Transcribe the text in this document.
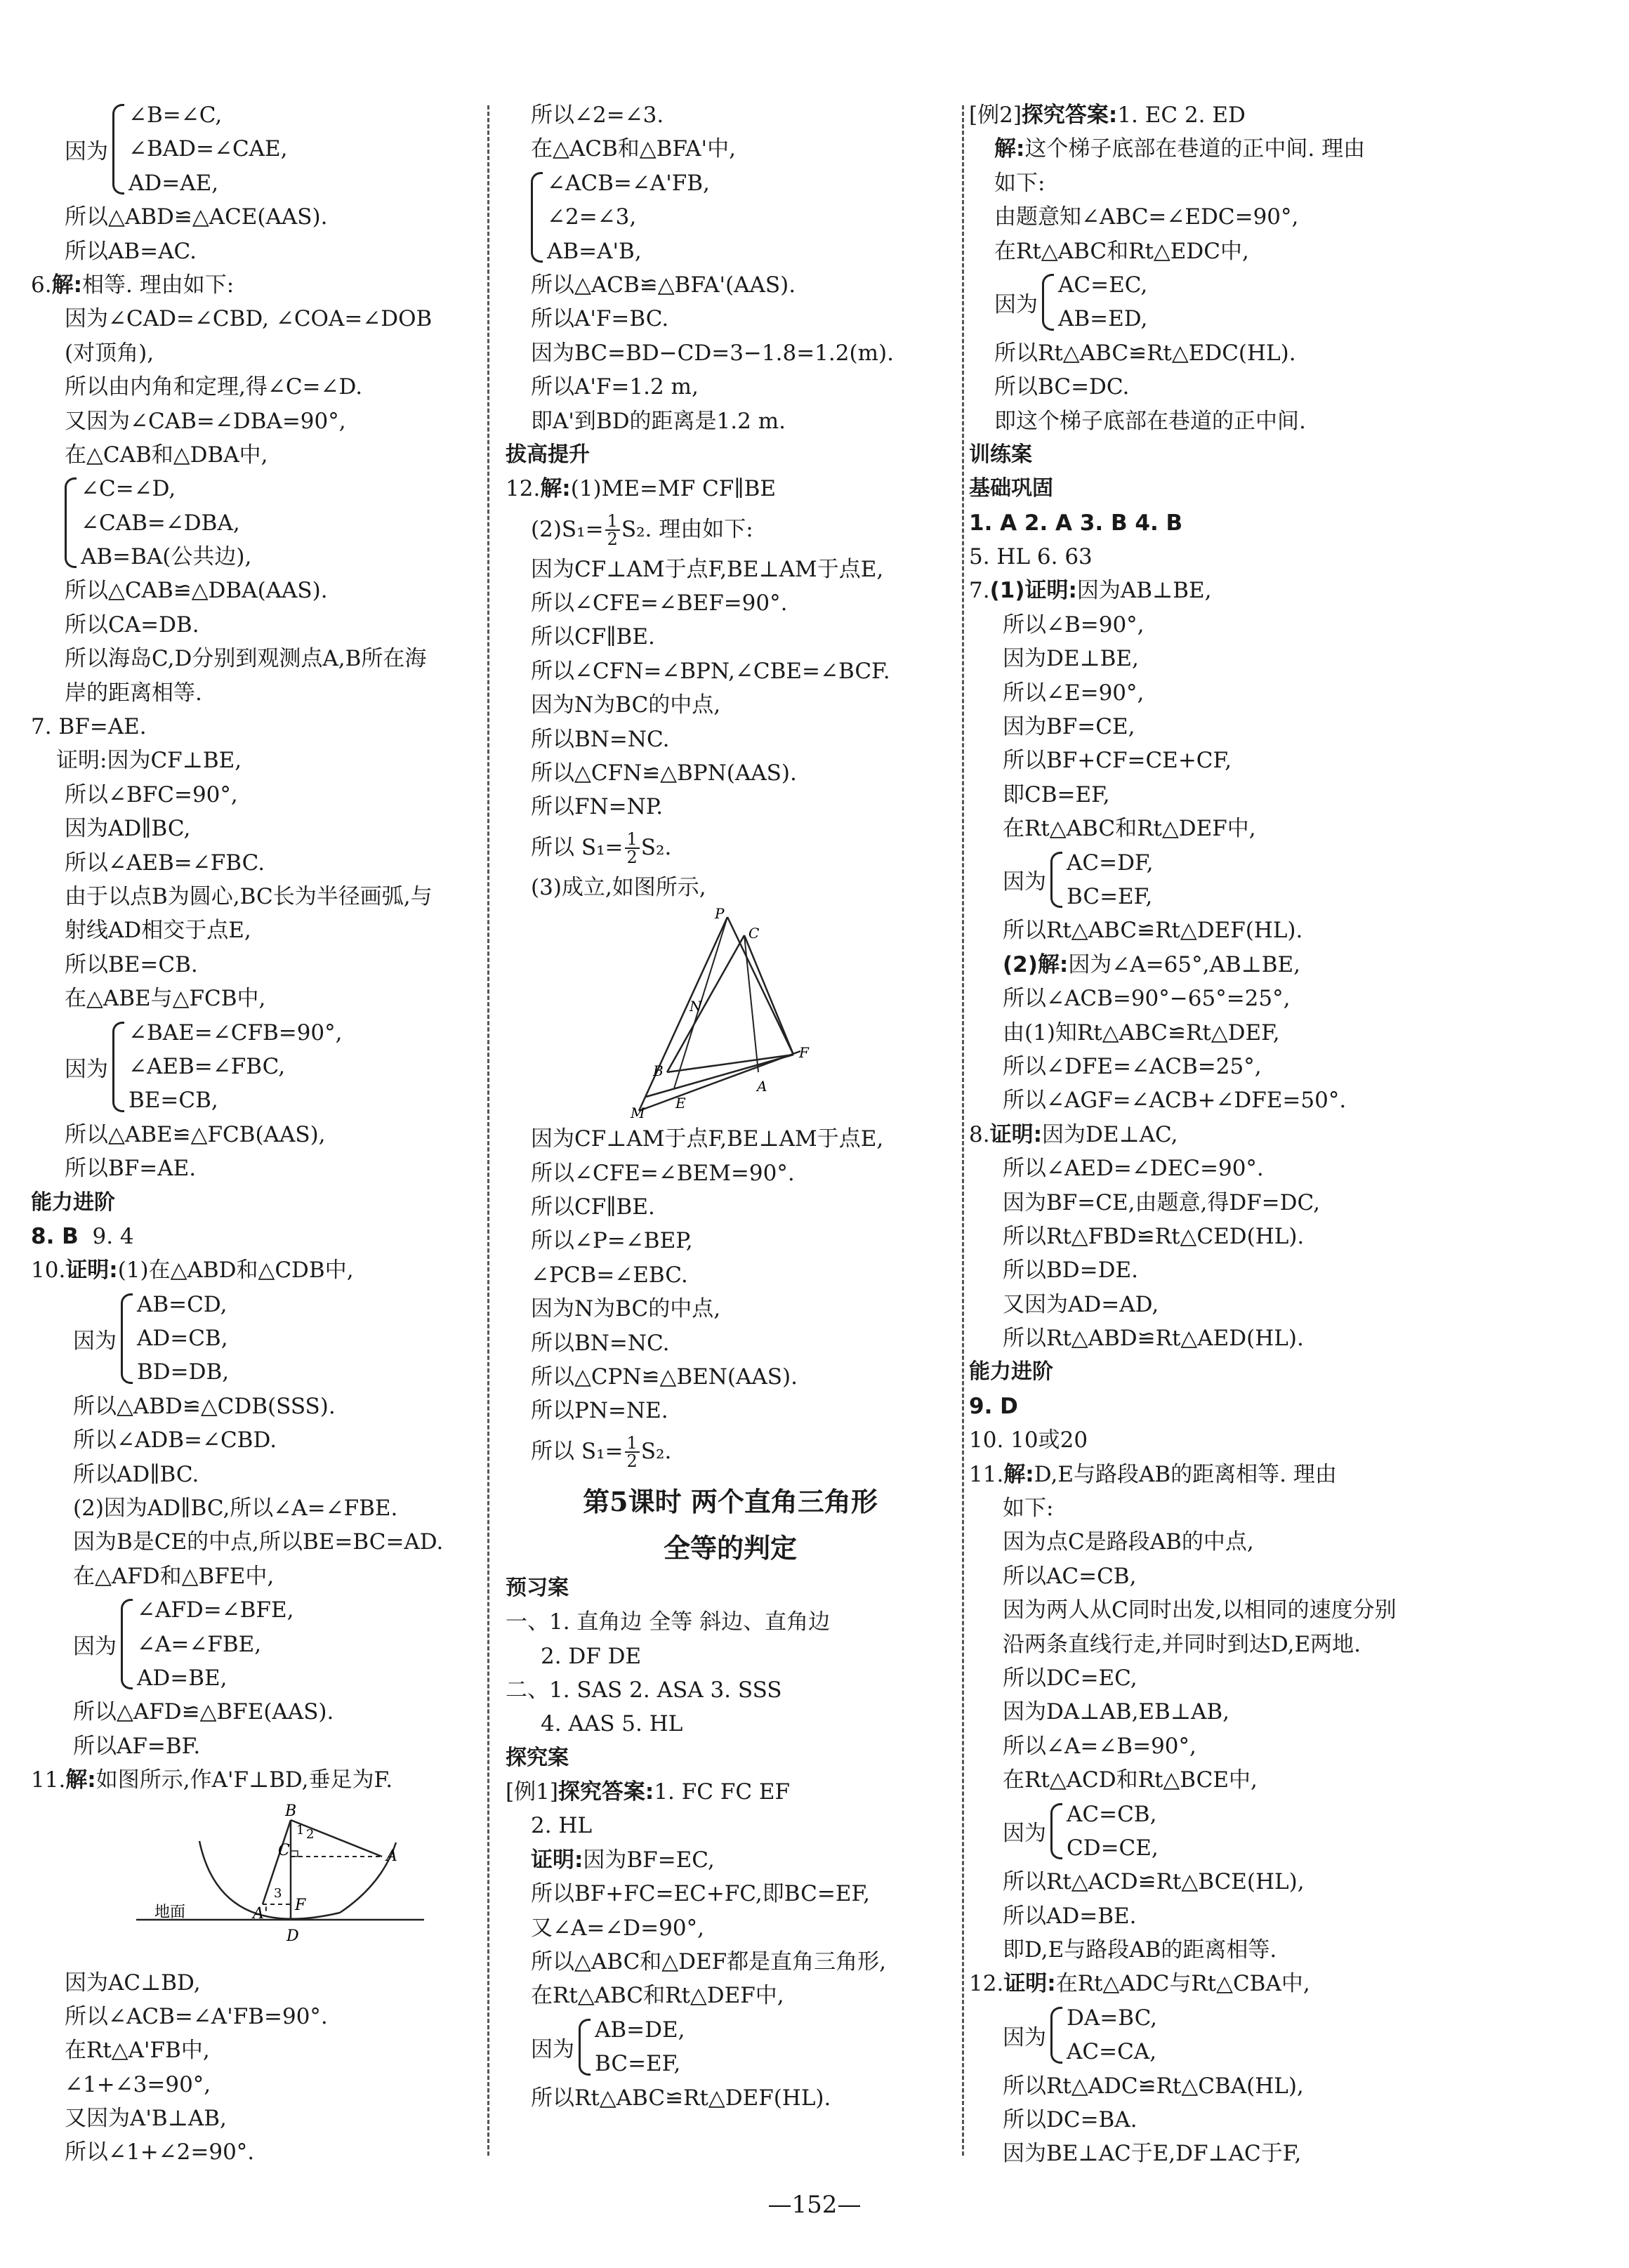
因为
∠B=∠C,
∠BAD=∠CAE,
AD=AE,
所以△ABD≌△ACE(AAS).
所以AB=AC.
6.解:相等. 理由如下:
因为∠CAD=∠CBD, ∠COA=∠DOB
(对顶角),
所以由内角和定理,得∠C=∠D.
又因为∠CAB=∠DBA=90°,
在△CAB和△DBA中,
∠C=∠D,
∠CAB=∠DBA,
AB=BA(公共边),
所以△CAB≌△DBA(AAS).
所以CA=DB.
所以海岛C,D分别到观测点A,B所在海
岸的距离相等.
7. BF=AE.
证明:因为CF⊥BE,
所以∠BFC=90°,
因为AD∥BC,
所以∠AEB=∠FBC.
由于以点B为圆心,BC长为半径画弧,与
射线AD相交于点E,
所以BE=CB.
在△ABE与△FCB中,
因为
∠BAE=∠CFB=90°,
∠AEB=∠FBC,
BE=CB,
所以△ABE≌△FCB(AAS),
所以BF=AE.
能力进阶
8. B 9. 4
10.证明:(1)在△ABD和△CDB中,
因为
AB=CD,
AD=CB,
BD=DB,
所以△ABD≌△CDB(SSS).
所以∠ADB=∠CBD.
所以AD∥BC.
(2)因为AD∥BC,所以∠A=∠FBE.
因为B是CE的中点,所以BE=BC=AD.
在△AFD和△BFE中,
因为
∠AFD=∠BFE,
∠A=∠FBE,
AD=BE,
所以△AFD≌△BFE(AAS).
所以AF=BF.
11.解:如图所示,作A'F⊥BD,垂足为F.
B
C	A
A' F
D
1 2
3
地面
因为AC⊥BD,
所以∠ACB=∠A'FB=90°.
在Rt△A'FB中,
∠1+∠3=90°,
又因为A'B⊥AB,
所以∠1+∠2=90°.
所以∠2=∠3.
在△ACB和△BFA'中,
∠ACB=∠A'FB,
∠2=∠3,
AB=A'B,
所以△ACB≌△BFA'(AAS).
所以A'F=BC.
因为BC=BD−CD=3−1.8=1.2(m).
所以A'F=1.2 m,
即A'到BD的距离是1.2 m.
拔高提升
12.解:(1)ME=MF CF∥BE
$(2)S_1= \frac{1}{2} S_2$. 理由如下:
因为CF⊥AM于点F,BE⊥AM于点E,
所以∠CFE=∠BEF=90°.
所以CF∥BE.
所以∠CFN=∠BPN,∠CBE=∠BCF.
因为N为BC的中点,
所以BN=NC.
所以△CFN≌△BPN(AAS).
所以FN=NP.
所以 $S_1= \frac{1}{2} S_2$.
(3)成立,如图所示,
P
C
N
F
B
A
M
E
因为CF⊥AM于点F,BE⊥AM于点E,
所以∠CFE=∠BEM=90°.
所以CF∥BE.
所以∠P=∠BEP,
∠PCB=∠EBC.
因为N为BC的中点,
所以BN=NC.
所以△CPN≌△BEN(AAS).
所以PN=NE.
所以 $S_1= \frac{1}{2} S_2$.
第5课时 两个直角三角形
全等的判定
预习案
一、1. 直角边 全等 斜边、直角边
2. DF DE
二、1. SAS 2. ASA 3. SSS
4. AAS 5. HL
探究案
[例1]探究答案:1. FC FC EF
2. HL
证明:因为BF=EC,
所以BF+FC=EC+FC,即BC=EF,
又∠A=∠D=90°,
所以△ABC和△DEF都是直角三角形,
在Rt△ABC和Rt△DEF中,
因为
AB=DE,
BC=EF,
所以Rt△ABC≌Rt△DEF(HL).
[例2]探究答案:1. EC 2. ED
解:这个梯子底部在巷道的正中间. 理由
如下:
由题意知∠ABC=∠EDC=90°,
在Rt△ABC和Rt△EDC中,
因为
AC=EC,
AB=ED,
所以Rt△ABC≌Rt△EDC(HL).
所以BC=DC.
即这个梯子底部在巷道的正中间.
训练案
基础巩固
1. A 2. A 3. B 4. B
5. HL 6. 63
7.(1)证明:因为AB⊥BE,
所以∠B=90°,
因为DE⊥BE,
所以∠E=90°,
因为BF=CE,
所以BF+CF=CE+CF,
即CB=EF,
在Rt△ABC和Rt△DEF中,
因为
AC=DF,
BC=EF,
所以Rt△ABC≌Rt△DEF(HL).
(2)解:因为∠A=65°,AB⊥BE,
所以∠ACB=90°−65°=25°,
由(1)知Rt△ABC≌Rt△DEF,
所以∠DFE=∠ACB=25°,
所以∠AGF=∠ACB+∠DFE=50°.
8.证明:因为DE⊥AC,
所以∠AED=∠DEC=90°.
因为BF=CE,由题意,得DF=DC,
所以Rt△FBD≌Rt△CED(HL).
所以BD=DE.
又因为AD=AD,
所以Rt△ABD≌Rt△AED(HL).
能力进阶
9. D
10. 10或20
11.解:D,E与路段AB的距离相等. 理由
如下:
因为点C是路段AB的中点,
所以AC=CB,
因为两人从C同时出发,以相同的速度分别
沿两条直线行走,并同时到达D,E两地.
所以DC=EC,
因为DA⊥AB,EB⊥AB,
所以∠A=∠B=90°,
在Rt△ACD和Rt△BCE中,
因为
AC=CB,
CD=CE,
所以Rt△ACD≌Rt△BCE(HL),
所以AD=BE.
即D,E与路段AB的距离相等.
12.证明:在Rt△ADC与Rt△CBA中,
因为
DA=BC,
AC=CA,
所以Rt△ADC≌Rt△CBA(HL),
所以DC=BA.
因为BE⊥AC于E,DF⊥AC于F,
—152—
